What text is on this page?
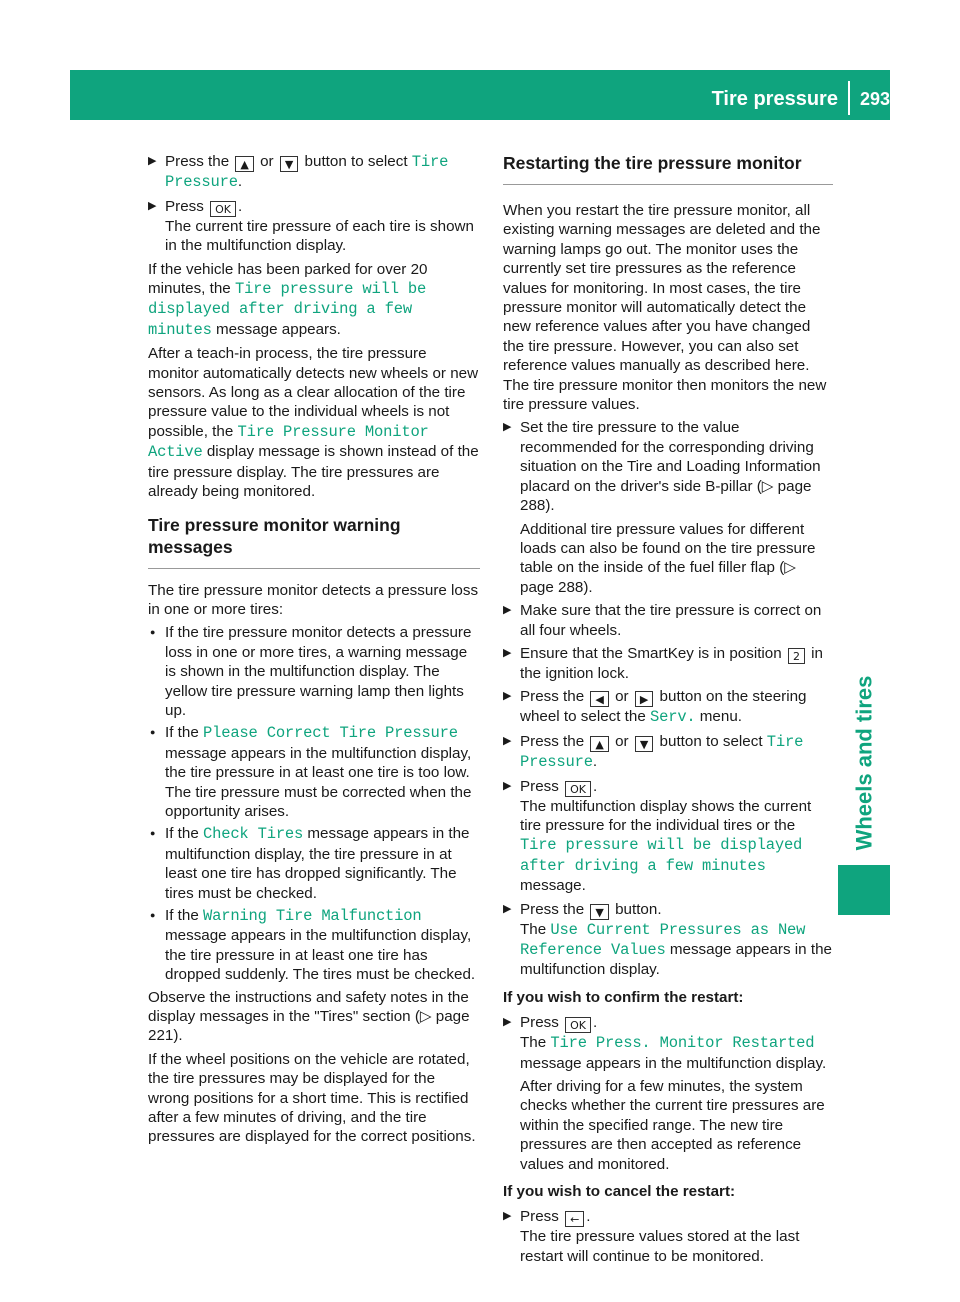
Tire pressure	293
Wheels and tires
▶ Press the ▲ or ▼ button to select Tire Pressure.
▶ Press OK .
The current tire pressure of each tire is shown in the multifunction display.

If the vehicle has been parked for over 20 minutes, the Tire pressure will be displayed after driving a few minutes message appears.

After a teach-in process, the tire pressure monitor automatically detects new wheels or new sensors. As long as a clear allocation of the tire pressure value to the individual wheels is not possible, the Tire Pressure Monitor Active display message is shown instead of the tire pressure display. The tire pressures are already being monitored.

Tire pressure monitor warning messages

The tire pressure monitor detects a pressure loss in one or more tires:

● If the tire pressure monitor detects a pressure loss in one or more tires, a warning message is shown in the multifunction display. The yellow tire pressure warning lamp then lights up.
● If the Please Correct Tire Pressure message appears in the multifunction display, the tire pressure in at least one tire is too low. The tire pressure must be corrected when the opportunity arises.
● If the Check Tires message appears in the multifunction display, the tire pressure in at least one tire has dropped significantly. The tires must be checked.
● If the Warning Tire Malfunction message appears in the multifunction display, the tire pressure in at least one tire has dropped suddenly. The tires must be checked.

Observe the instructions and safety notes in the display messages in the "Tires" section (▷ page 221).

If the wheel positions on the vehicle are rotated, the tire pressures may be displayed for the wrong positions for a short time. This is rectified after a few minutes of driving, and the tire pressures are displayed for the correct positions.

Restarting the tire pressure monitor

When you restart the tire pressure monitor, all existing warning messages are deleted and the warning lamps go out. The monitor uses the currently set tire pressures as the reference values for monitoring. In most cases, the tire pressure monitor will automatically detect the new reference values after you have changed the tire pressure. However, you can also set reference values manually as described here. The tire pressure monitor then monitors the new tire pressure values.

▶ Set the tire pressure to the value recommended for the corresponding driving situation on the Tire and Loading Information placard on the driver's side B-pillar (▷ page 288).
Additional tire pressure values for different loads can also be found on the tire pressure table on the inside of the fuel filler flap (▷ page 288).
▶ Make sure that the tire pressure is correct on all four wheels.
▶ Ensure that the SmartKey is in position 2 in the ignition lock.
▶ Press the ◀ or ▶ button on the steering wheel to select the Serv. menu.
▶ Press the ▲ or ▼ button to select Tire Pressure.
▶ Press OK .
The multifunction display shows the current tire pressure for the individual tires or the Tire pressure will be displayed after driving a few minutes message.
▶ Press the ▼ button.
The Use Current Pressures as New Reference Values message appears in the multifunction display.
If you wish to confirm the restart:
▶ Press OK .
The Tire Press. Monitor Restarted message appears in the multifunction display.
After driving for a few minutes, the system checks whether the current tire pressures are within the specified range. The new tire pressures are then accepted as reference values and monitored.
If you wish to cancel the restart:
▶ Press ← .
The tire pressure values stored at the last restart will continue to be monitored.
